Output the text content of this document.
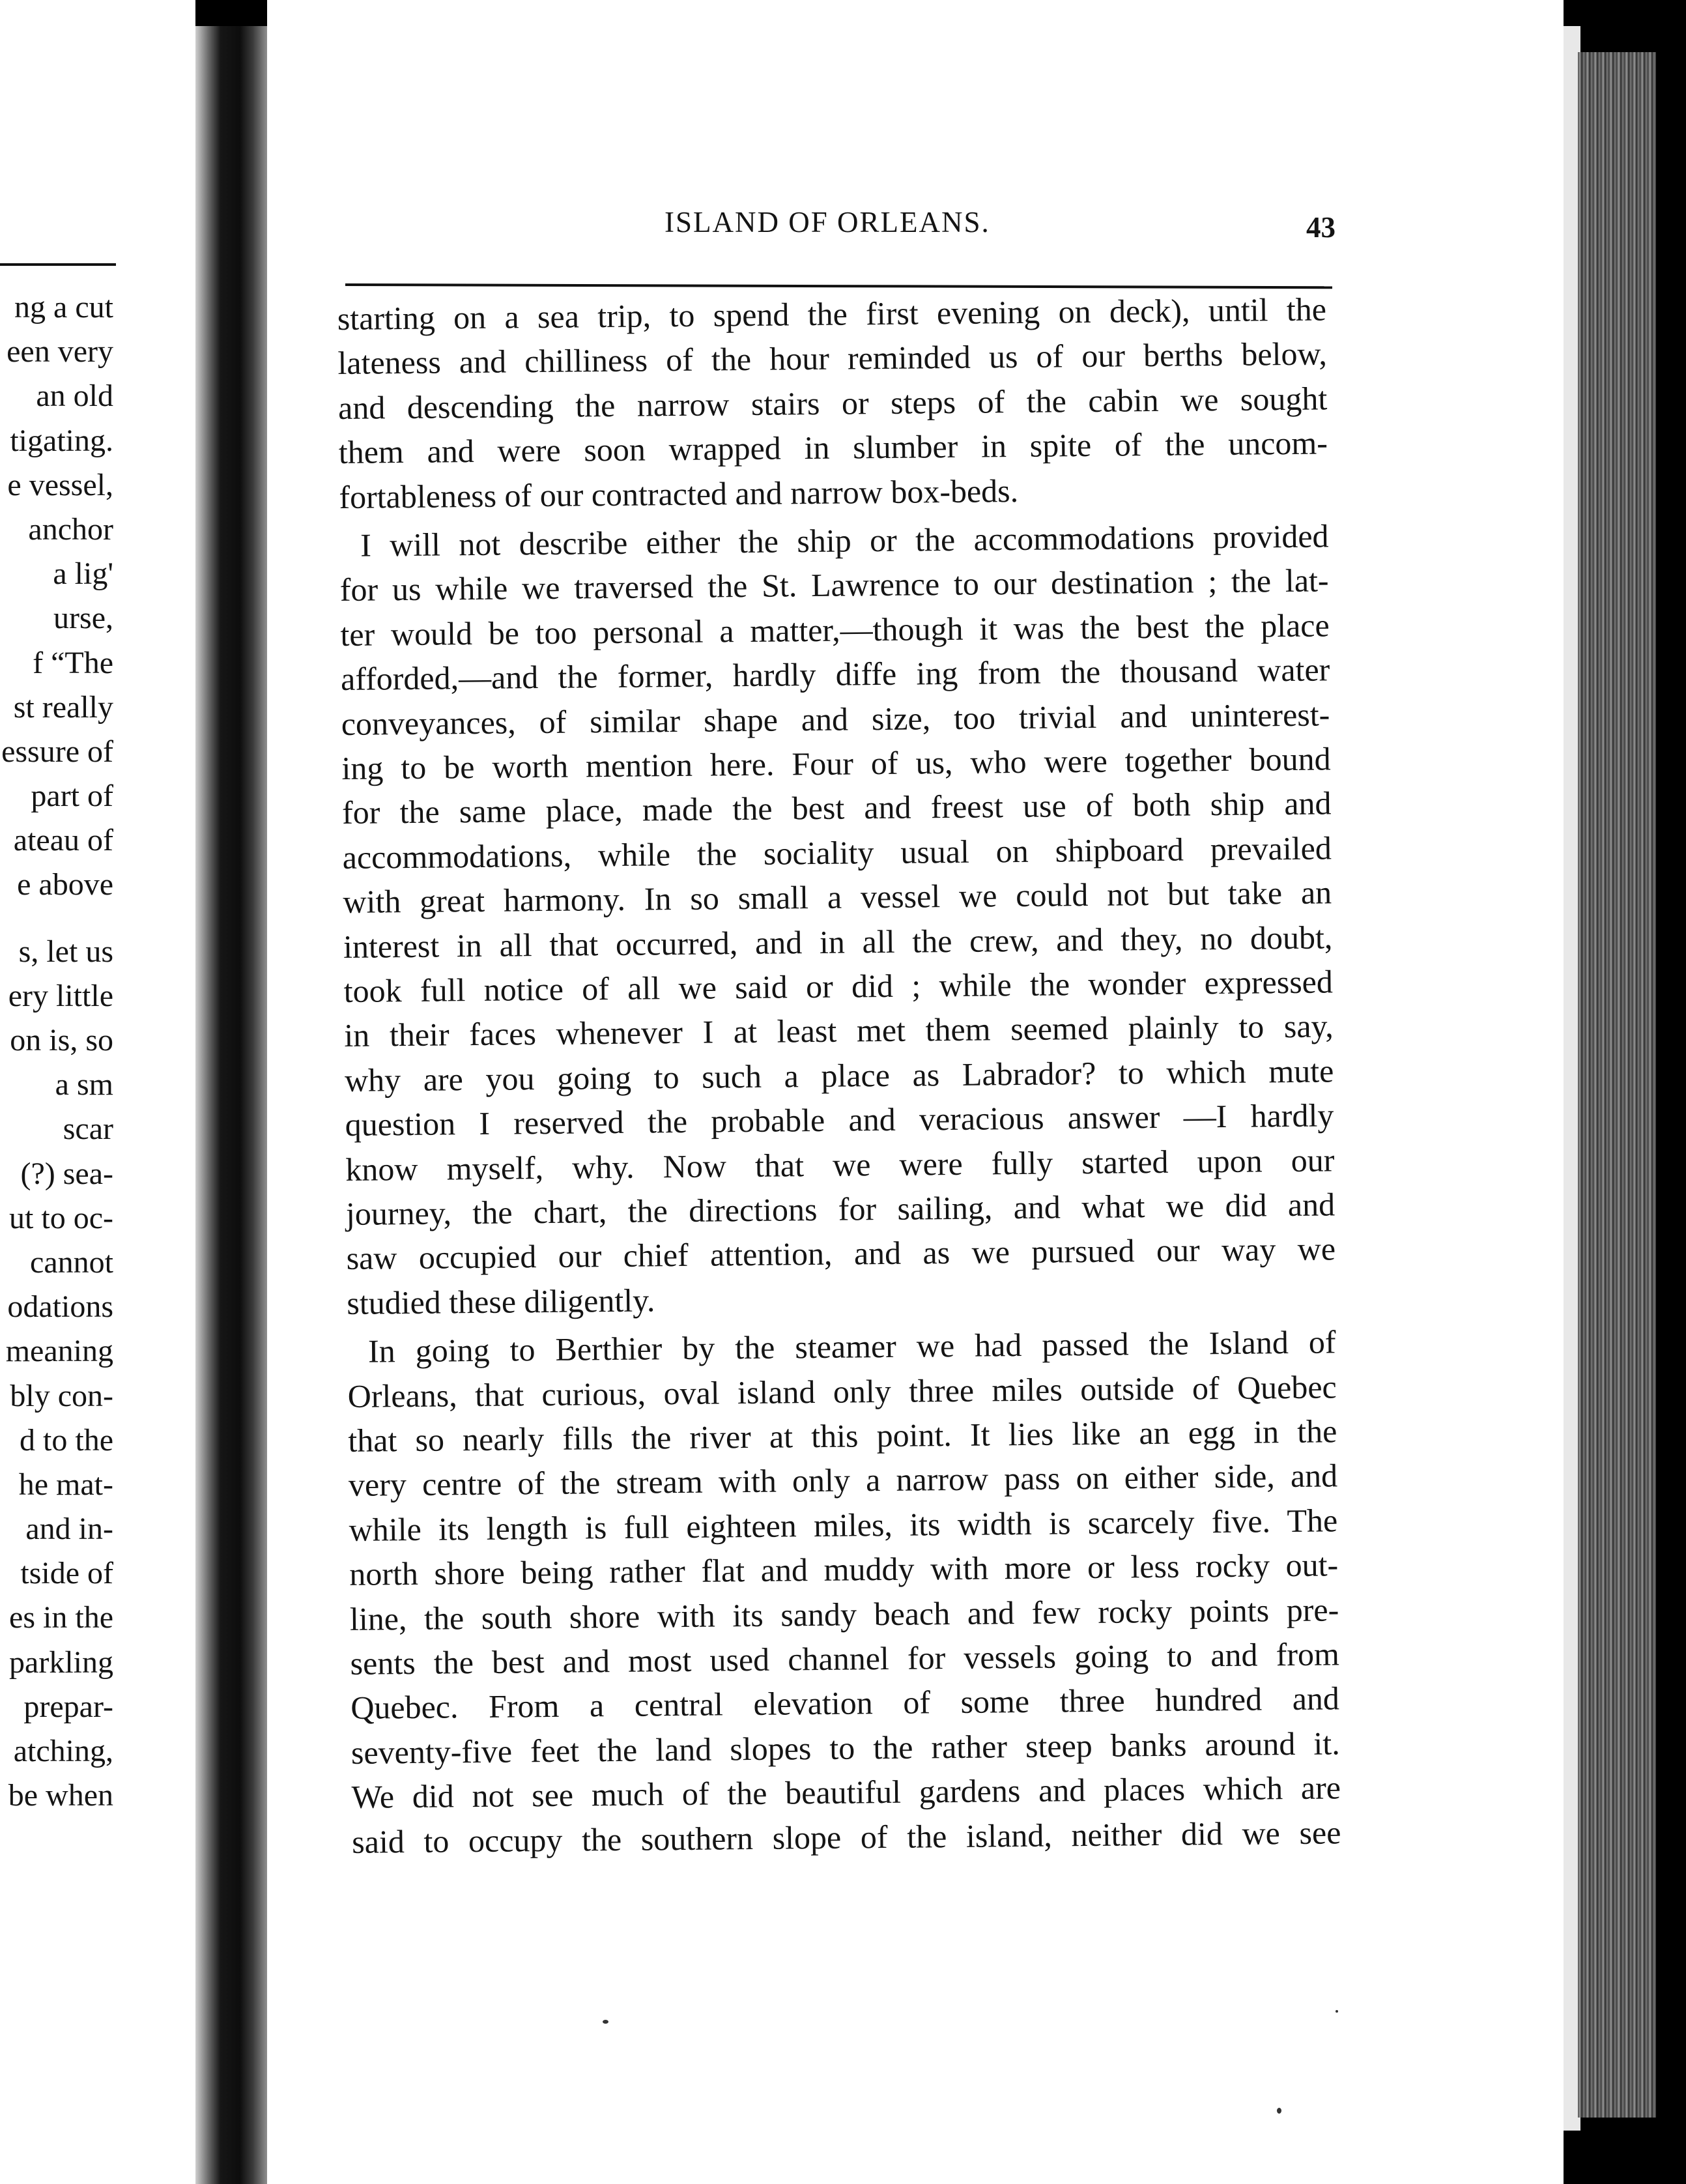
ng a cut
een very
an old
tigating.
e vessel,
anchor
a lig'
urse,
f “The
st really
essure of
part of
ateau of
e above
s, let us
ery little
on is, so
a sm
scar
(?) sea-
ut to oc-
cannot
odations
meaning
bly con-
d to the
he mat-
and in-
tside of
es in the
parkling
prepar-
atching,
be when
ISLAND OF ORLEANS.	43
starting on a sea trip, to spend the first evening on deck), until the
lateness and chilliness of the hour reminded us of our berths below,
and descending the narrow stairs or steps of the cabin we sought
them and were soon wrapped in slumber in spite of the uncom-
fortableness of our contracted and narrow box-beds.
I will not describe either the ship or the accommodations provided
for us while we traversed the St. Lawrence to our destination ; the lat-
ter would be too personal a matter,—though it was the best the place
afforded,—and the former, hardly diffe ing from the thousand water
conveyances, of similar shape and size, too trivial and uninterest-
ing to be worth mention here. Four of us, who were together bound
for the same place, made the best and freest use of both ship and
accommodations, while the sociality usual on shipboard prevailed
with great harmony. In so small a vessel we could not but take an
interest in all that occurred, and in all the crew, and they, no doubt,
took full notice of all we said or did ; while the wonder expressed
in their faces whenever I at least met them seemed plainly to say,
why are you going to such a place as Labrador? to which mute
question I reserved the probable and veracious answer —I hardly
know myself, why. Now that we were fully started upon our
journey, the chart, the directions for sailing, and what we did and
saw occupied our chief attention, and as we pursued our way we
studied these diligently.
In going to Berthier by the steamer we had passed the Island of
Orleans, that curious, oval island only three miles outside of Quebec
that so nearly fills the river at this point. It lies like an egg in the
very centre of the stream with only a narrow pass on either side, and
while its length is full eighteen miles, its width is scarcely five. The
north shore being rather flat and muddy with more or less rocky out-
line, the south shore with its sandy beach and few rocky points pre-
sents the best and most used channel for vessels going to and from
Quebec. From a central elevation of some three hundred and
seventy-five feet the land slopes to the rather steep banks around it.
We did not see much of the beautiful gardens and places which are
said to occupy the southern slope of the island, neither did we see
